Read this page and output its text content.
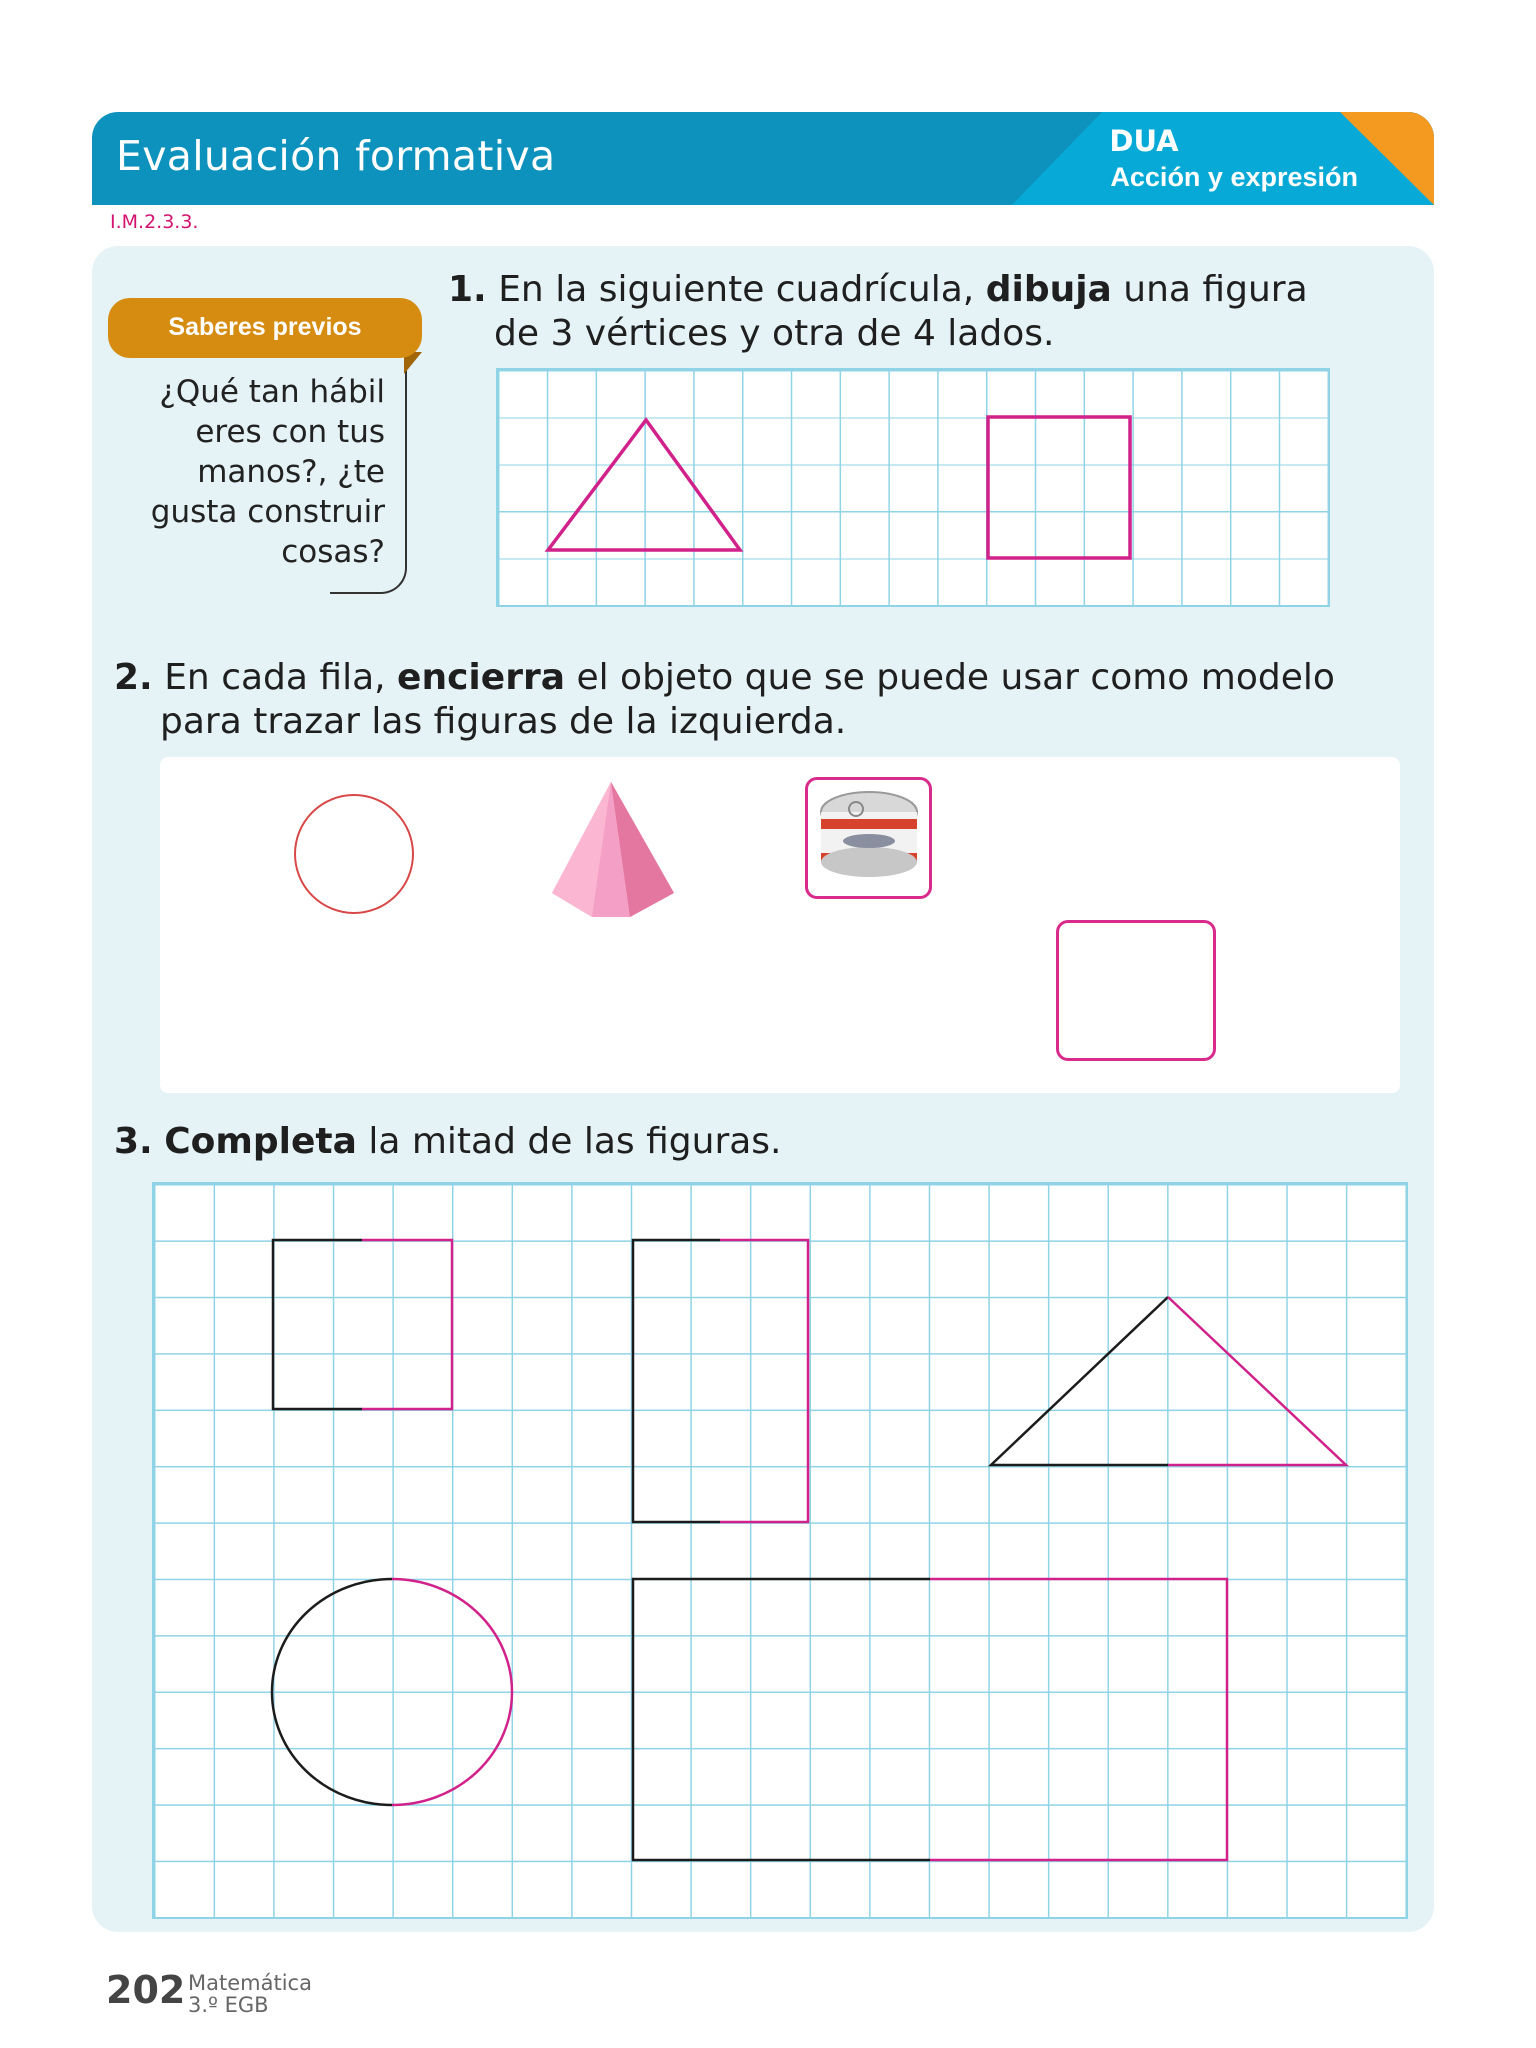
Evaluación formativa	DUA
Acción y expresión
I.M.2.3.3.
Saberes previos
¿Qué tan hábil eres con tus manos?, ¿te gusta construir cosas?
1. En la siguiente cuadrícula, dibuja una figura de 3 vértices y otra de 4 lados.
2. En cada fila, encierra el objeto que se puede usar como modelo para trazar las figuras de la izquierda.
3. Completa la mitad de las figuras.
202 Matemática
3.º EGB
